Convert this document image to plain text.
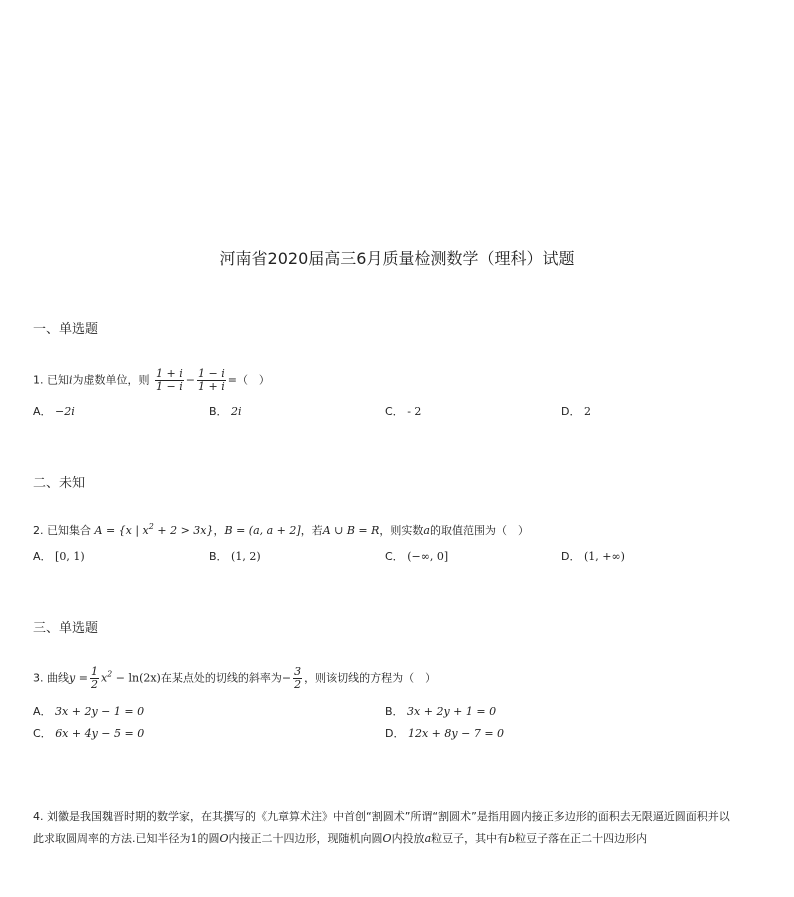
河南省2020届高三6月质量检测数学（理科）试题
一、单选题
1. 已知i为虚数单位，则 $\frac{1 + i}{1 - i} - \frac{1 - i}{1 + i}$ =（　）
A． −2i	B． 2i	C． - 2	D． 2
二、未知
2. 已知集合 A = {x | $x^2 + 2 > 3x$}，B = (a, a + 2]，若A ∪ B = R，则实数a的取值范围为（　）
A． [0, 1)	B． (1, 2)	C． (−∞, 0]	D． (1, +∞)
三、单选题
3. 曲线$y = \frac{1}{2} x^2 - \ln(2x)$在某点处的切线的斜率为− $\frac{3}{2}$ ，则该切线的方程为（　）
A． 3x + 2y − 1 = 0	B． 3x + 2y + 1 = 0
C． 6x + 4y − 5 = 0	D． 12x + 8y − 7 = 0
4. 刘徽是我国魏晋时期的数学家，在其撰写的《九章算术注》中首创“割圆术”所谓“割圆术”是指用圆内接正多边形的面积去无限逼近圆面积并以
此求取圆周率的方法.已知半径为1的圆O内接正二十四边形，现随机向圆O内投放a粒豆子，其中有b粒豆子落在正二十四边形内
